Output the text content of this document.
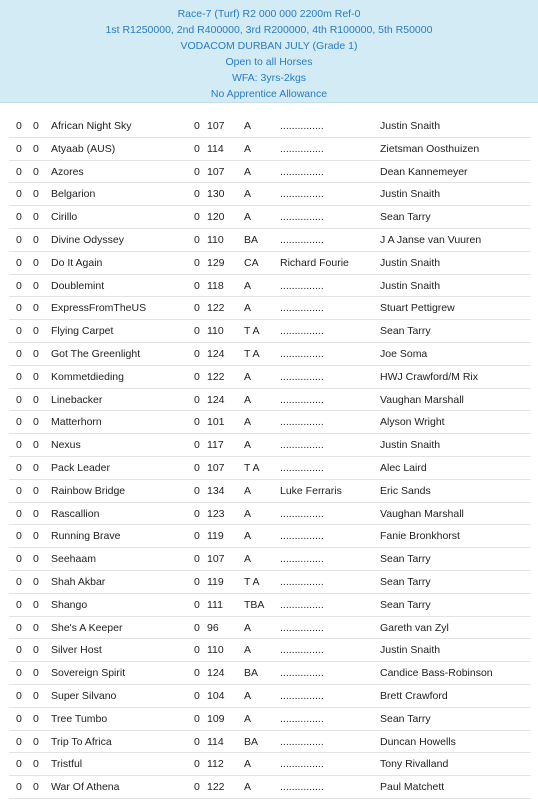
Race-7 (Turf) R2 000 000 2200m Ref-0
1st R1250000, 2nd R400000, 3rd R200000, 4th R100000, 5th R50000
VODACOM DURBAN JULY (Grade 1)
Open to all Horses
WFA: 3yrs-2kgs
No Apprentice Allowance
0 0 African Night Sky	0 107 A	...............	Justin Snaith
0 0 Atyaab (AUS)	0 114 A	...............	Zietsman Oosthuizen
0 0 Azores	0 107 A	...............	Dean Kannemeyer
0 0 Belgarion	0 130 A	...............	Justin Snaith
0 0 Cirillo	0 120 A	...............	Sean Tarry
0 0 Divine Odyssey	0 110 BA ...............	J A Janse van Vuuren
0 0 Do It Again	0 129 CA Richard Fourie	Justin Snaith
0 0 Doublemint	0 118 A	...............	Justin Snaith
0 0 ExpressFromTheUS	0 122 A	...............	Stuart Pettigrew
0 0 Flying Carpet	0 110 T A ...............	Sean Tarry
0 0 Got The Greenlight	0 124 T A ...............	Joe Soma
0 0 Kommetdieding	0 122 A	...............	HWJ Crawford/M Rix
0 0 Linebacker	0 124 A	...............	Vaughan Marshall
0 0 Matterhorn	0 101 A	...............	Alyson Wright
0 0 Nexus	0 117 A	...............	Justin Snaith
0 0 Pack Leader	0 107 T A ...............	Alec Laird
0 0 Rainbow Bridge	0 134 A	Luke Ferraris	Eric Sands
0 0 Rascallion	0 123 A	...............	Vaughan Marshall
0 0 Running Brave	0 119 A	...............	Fanie Bronkhorst
0 0 Seehaam	0 107 A	...............	Sean Tarry
0 0 Shah Akbar	0 119 T A ...............	Sean Tarry
0 0 Shango	0 111 TBA ...............	Sean Tarry
0 0 She's A Keeper	0 96 A	...............	Gareth van Zyl
0 0 Silver Host	0 110 A	...............	Justin Snaith
0 0 Sovereign Spirit	0 124 BA ...............	Candice Bass-Robinson
0 0 Super Silvano	0 104 A	...............	Brett Crawford
0 0 Tree Tumbo	0 109 A	...............	Sean Tarry
0 0 Trip To Africa	0 114 BA ...............	Duncan Howells
0 0 Tristful	0 112 A	...............	Tony Rivalland
0 0 War Of Athena	0 122 A	...............	Paul Matchett
